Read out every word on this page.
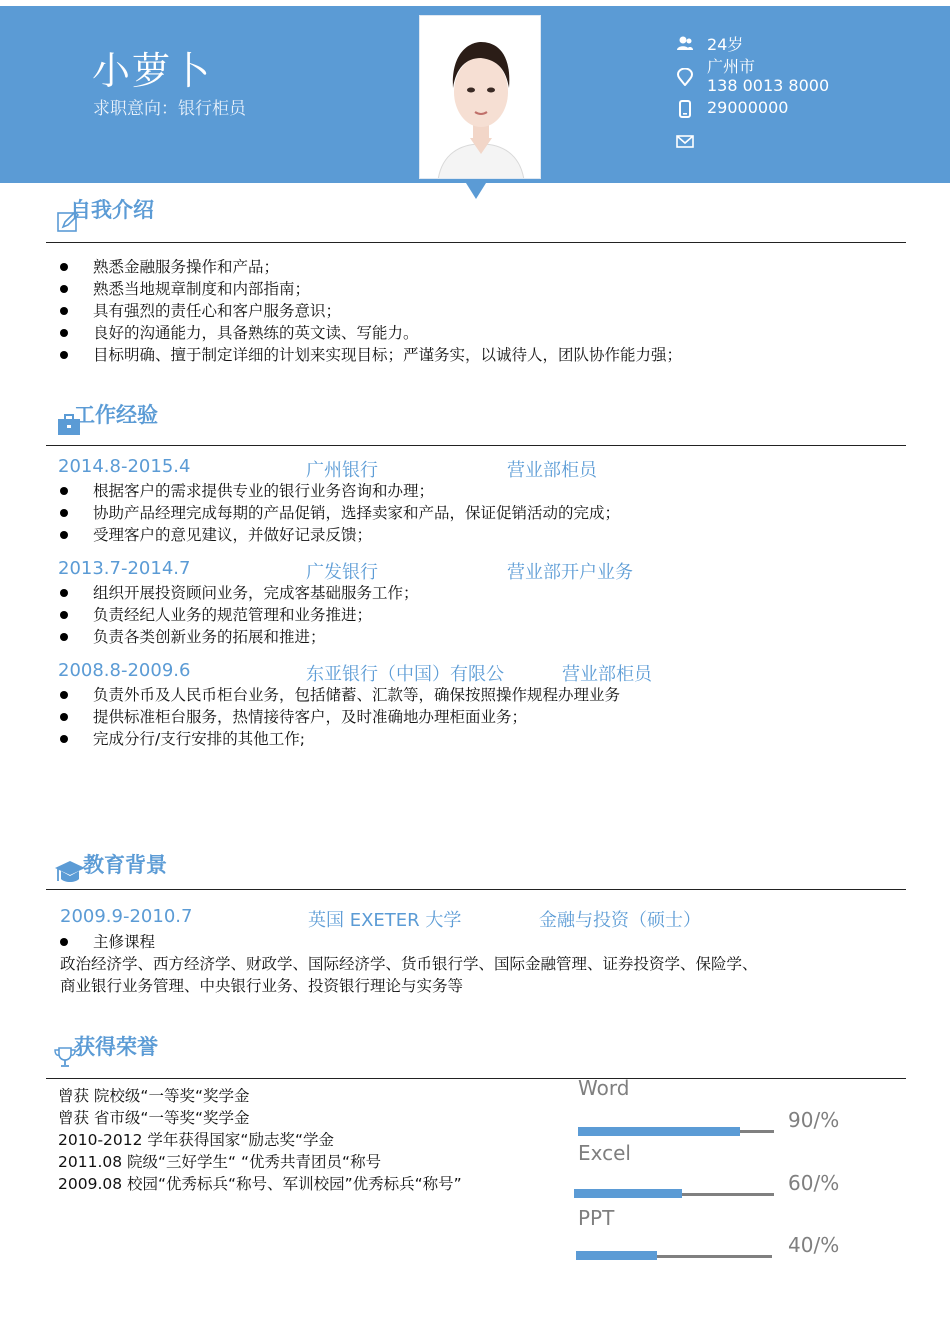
小萝卜
求职意向：银行柜员
24岁
广州市
138 0013 8000
29000000
自我介绍
熟悉金融服务操作和产品；
熟悉当地规章制度和内部指南；
具有强烈的责任心和客户服务意识；
良好的沟通能力，具备熟练的英文读、写能力。
目标明确、擅于制定详细的计划来实现目标；严谨务实，以诚待人，团队协作能力强；
工作经验
2014.8-2015.4	广州银行	营业部柜员
根据客户的需求提供专业的银行业务咨询和办理；
协助产品经理完成每期的产品促销，选择卖家和产品，保证促销活动的完成；
受理客户的意见建议，并做好记录反馈；
2013.7-2014.7	广发银行	营业部开户业务
组织开展投资顾问业务，完成客基础服务工作；
负责经纪人业务的规范管理和业务推进；
负责各类创新业务的拓展和推进；
2008.8-2009.6	东亚银行（中国）有限公	营业部柜员
负责外币及人民币柜台业务，包括储蓄、汇款等，确保按照操作规程办理业务
提供标准柜台服务，热情接待客户，及时准确地办理柜面业务；
完成分行/支行安排的其他工作;
教育背景
2009.9-2010.7	英国 EXETER 大学	金融与投资（硕士）
主修课程
政治经济学、西方经济学、财政学、国际经济学、货币银行学、国际金融管理、证券投资学、保险学、
商业银行业务管理、中央银行业务、投资银行理论与实务等
获得荣誉
曾获 院校级“一等奖“奖学金
曾获 省市级“一等奖“奖学金
2010-2012 学年获得国家“励志奖“学金
2011.08 院级“三好学生“ “优秀共青团员“称号
2009.08 校园“优秀标兵“称号、军训校园”优秀标兵“称号”
Word
90/%
Excel
60/%
PPT
40/%
